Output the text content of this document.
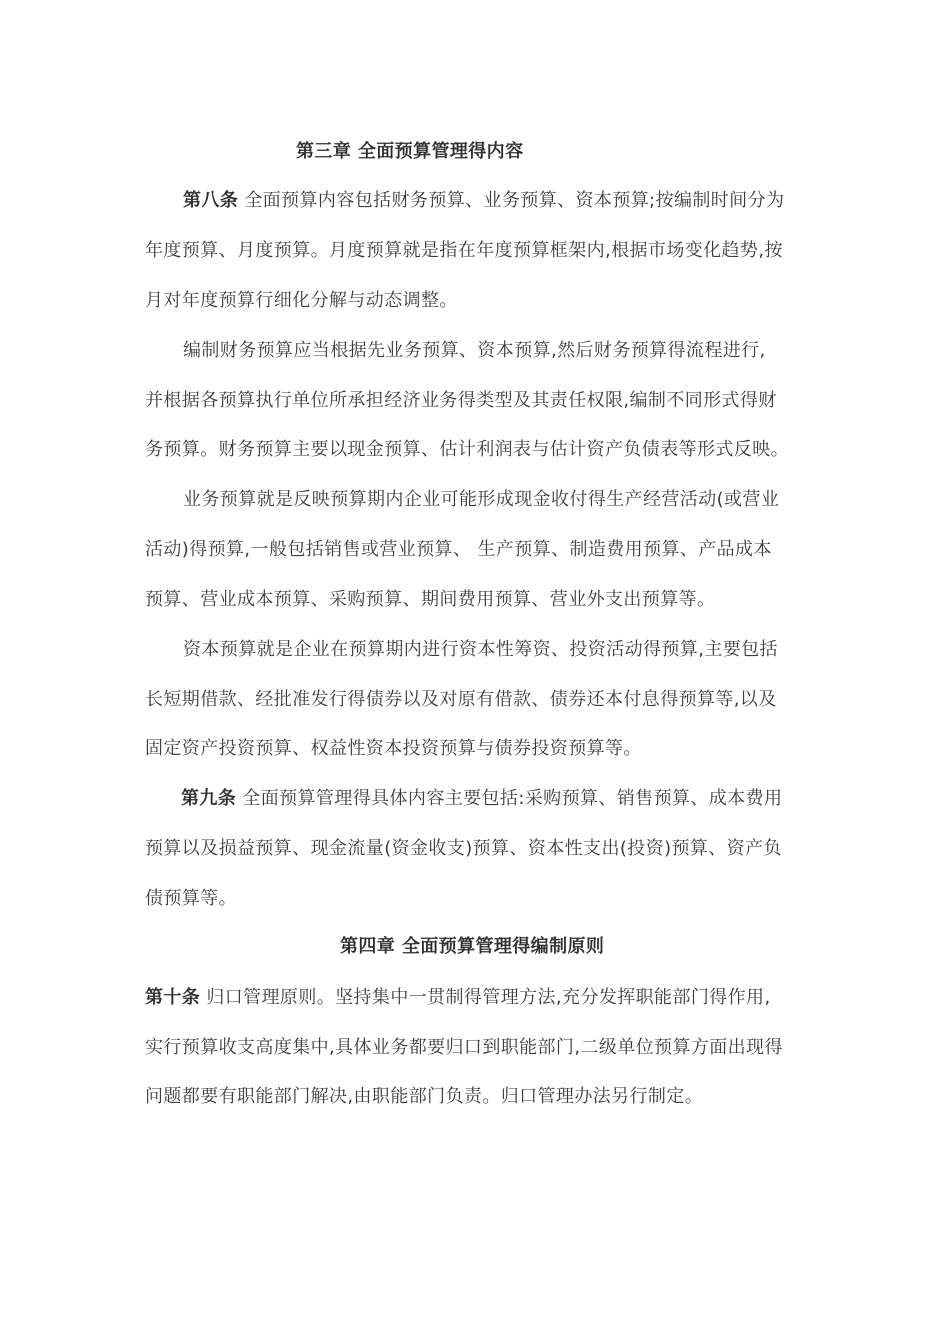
第三章 全面预算管理得内容
第八条 全面预算内容包括财务预算、业务预算、资本预算;按编制时间分为
年度预算、月度预算。月度预算就是指在年度预算框架内,根据市场变化趋势,按
月对年度预算行细化分解与动态调整。
编制财务预算应当根据先业务预算、资本预算,然后财务预算得流程进行,
并根据各预算执行单位所承担经济业务得类型及其责任权限,编制不同形式得财
务预算。财务预算主要以现金预算、估计利润表与估计资产负债表等形式反映。
业务预算就是反映预算期内企业可能形成现金收付得生产经营活动(或营业
活动)得预算,一般包括销售或营业预算、 生产预算、制造费用预算、产品成本
预算、营业成本预算、采购预算、期间费用预算、营业外支出预算等。
资本预算就是企业在预算期内进行资本性筹资、投资活动得预算,主要包括
长短期借款、经批准发行得债券以及对原有借款、债券还本付息得预算等,以及
固定资产投资预算、权益性资本投资预算与债券投资预算等。
第九条 全面预算管理得具体内容主要包括:采购预算、销售预算、成本费用
预算以及损益预算、现金流量(资金收支)预算、资本性支出(投资)预算、资产负
债预算等。
第四章 全面预算管理得编制原则
第十条 归口管理原则。坚持集中一贯制得管理方法,充分发挥职能部门得作用,
实行预算收支高度集中,具体业务都要归口到职能部门,二级单位预算方面出现得
问题都要有职能部门解决,由职能部门负责。归口管理办法另行制定。
